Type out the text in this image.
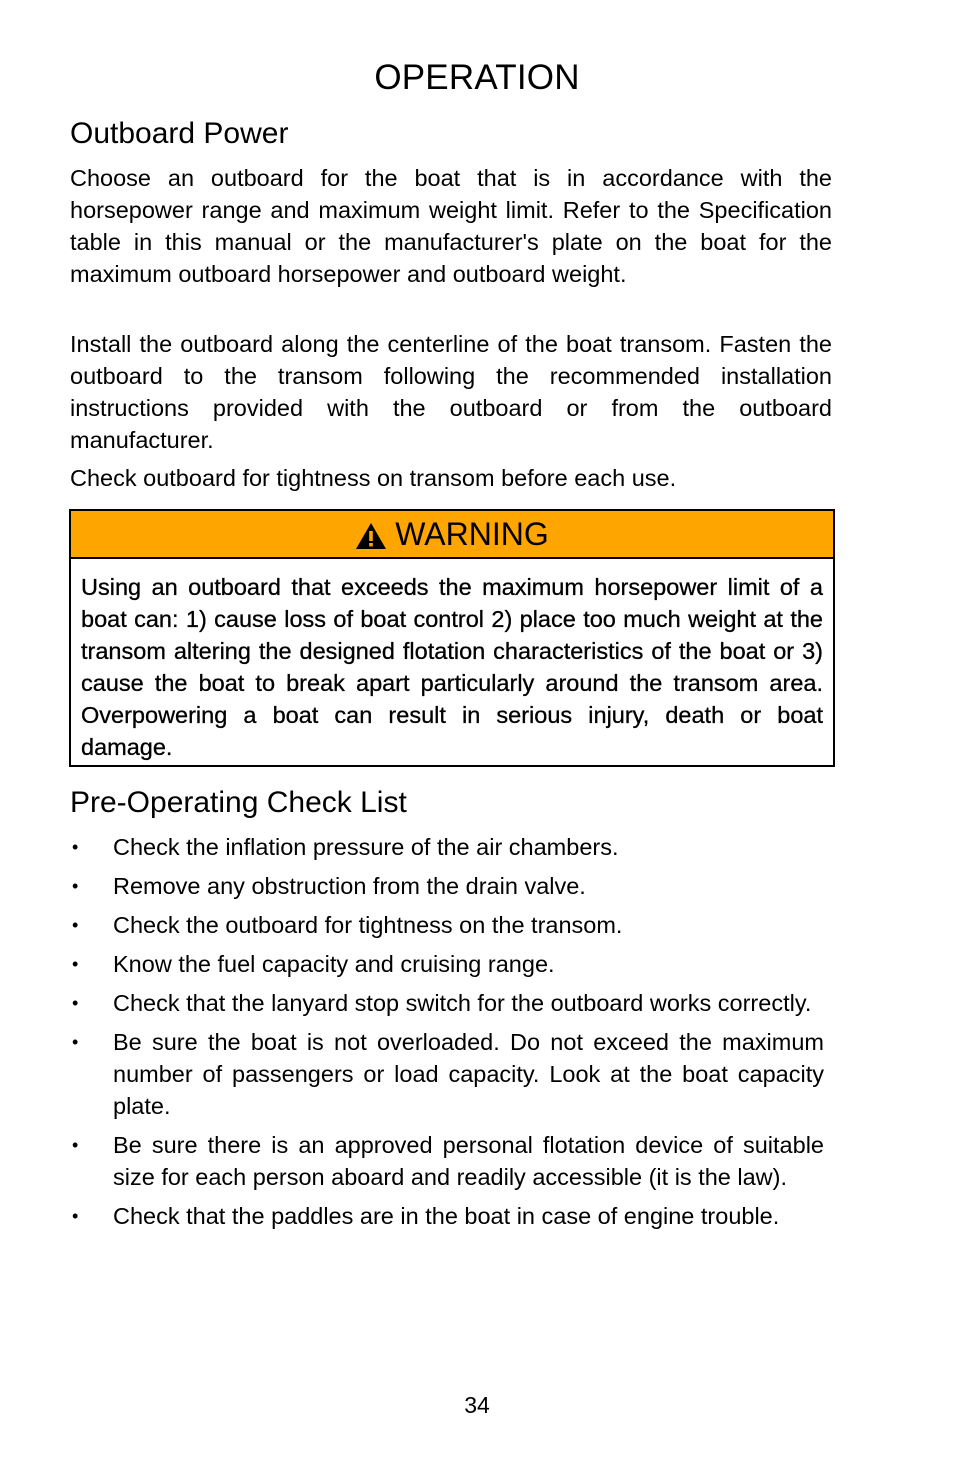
OPERATION
Outboard Power

Choose an outboard for the boat that is in accordance with the horsepower range and maximum weight limit. Refer to the Specification table in this manual or the manufacturer's plate on the boat for the maximum outboard horsepower and outboard weight.

Install the outboard along the centerline of the boat transom. Fasten the outboard to the transom following the recommended installation instructions provided with the outboard or from the outboard manufacturer.

Check outboard for tightness on transom before each use.

WARNING

Using an outboard that exceeds the maximum horsepower limit of a boat can: 1) cause loss of boat control 2) place too much weight at the transom altering the designed flotation characteristics of the boat or 3) cause the boat to break apart particularly around the transom area. Overpowering a boat can result in serious injury, death or boat damage.

Pre-Operating Check List
• Check the inflation pressure of the air chambers.
• Remove any obstruction from the drain valve.
• Check the outboard for tightness on the transom.
• Know the fuel capacity and cruising range.
• Check that the lanyard stop switch for the outboard works correctly.
• Be sure the boat is not overloaded. Do not exceed the maximum number of passengers or load capacity. Look at the boat capacity plate.
• Be sure there is an approved personal flotation device of suitable size for each person aboard and readily accessible (it is the law).
• Check that the paddles are in the boat in case of engine trouble.
34
